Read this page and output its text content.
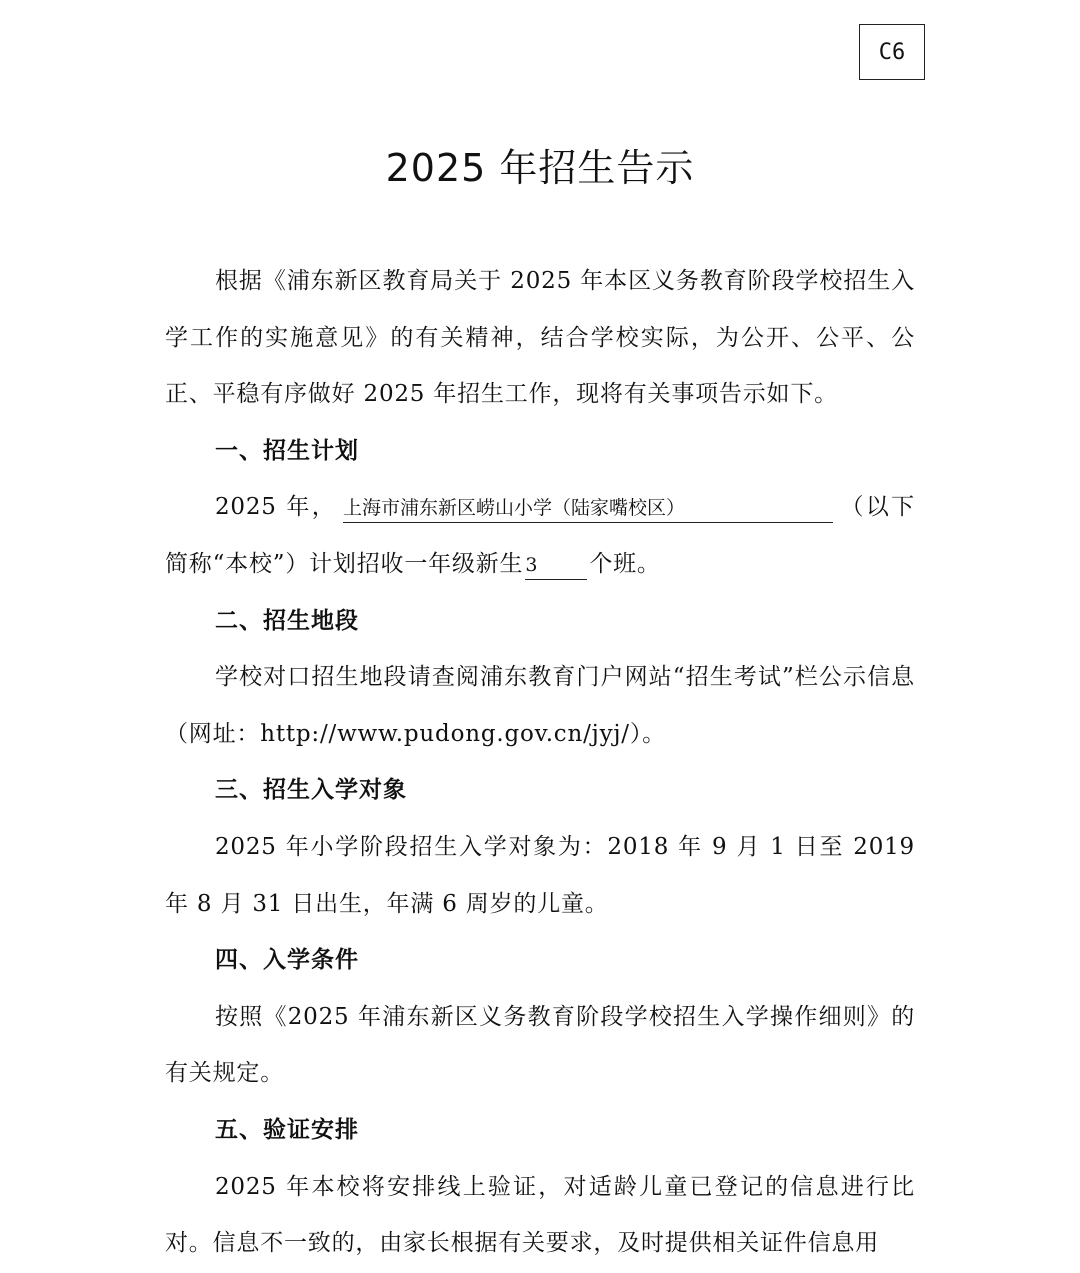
C6
2025 年招生告示

根据《浦东新区教育局关于 2025 年本区义务教育阶段学校招生入学工作的实施意见》的有关精神，结合学校实际，为公开、公平、公正、平稳有序做好 2025 年招生工作，现将有关事项告示如下。

一、招生计划

2025 年， 上海市浦东新区崂山小学（陆家嘴校区）	（以下简称“本校”）计划招收一年级新生 3 个班。

二、招生地段

学校对口招生地段请查阅浦东教育门户网站“招生考试”栏公示信息（网址：http://www.pudong.gov.cn/jyj/）。

三、招生入学对象

2025 年小学阶段招生入学对象为：2018 年 9 月 1 日至 2019 年 8 月 31 日出生，年满 6 周岁的儿童。

四、入学条件

按照《2025 年浦东新区义务教育阶段学校招生入学操作细则》的有关规定。

五、验证安排

2025 年本校将安排线上验证，对适龄儿童已登记的信息进行比对。信息不一致的，由家长根据有关要求，及时提供相关证件信息用
